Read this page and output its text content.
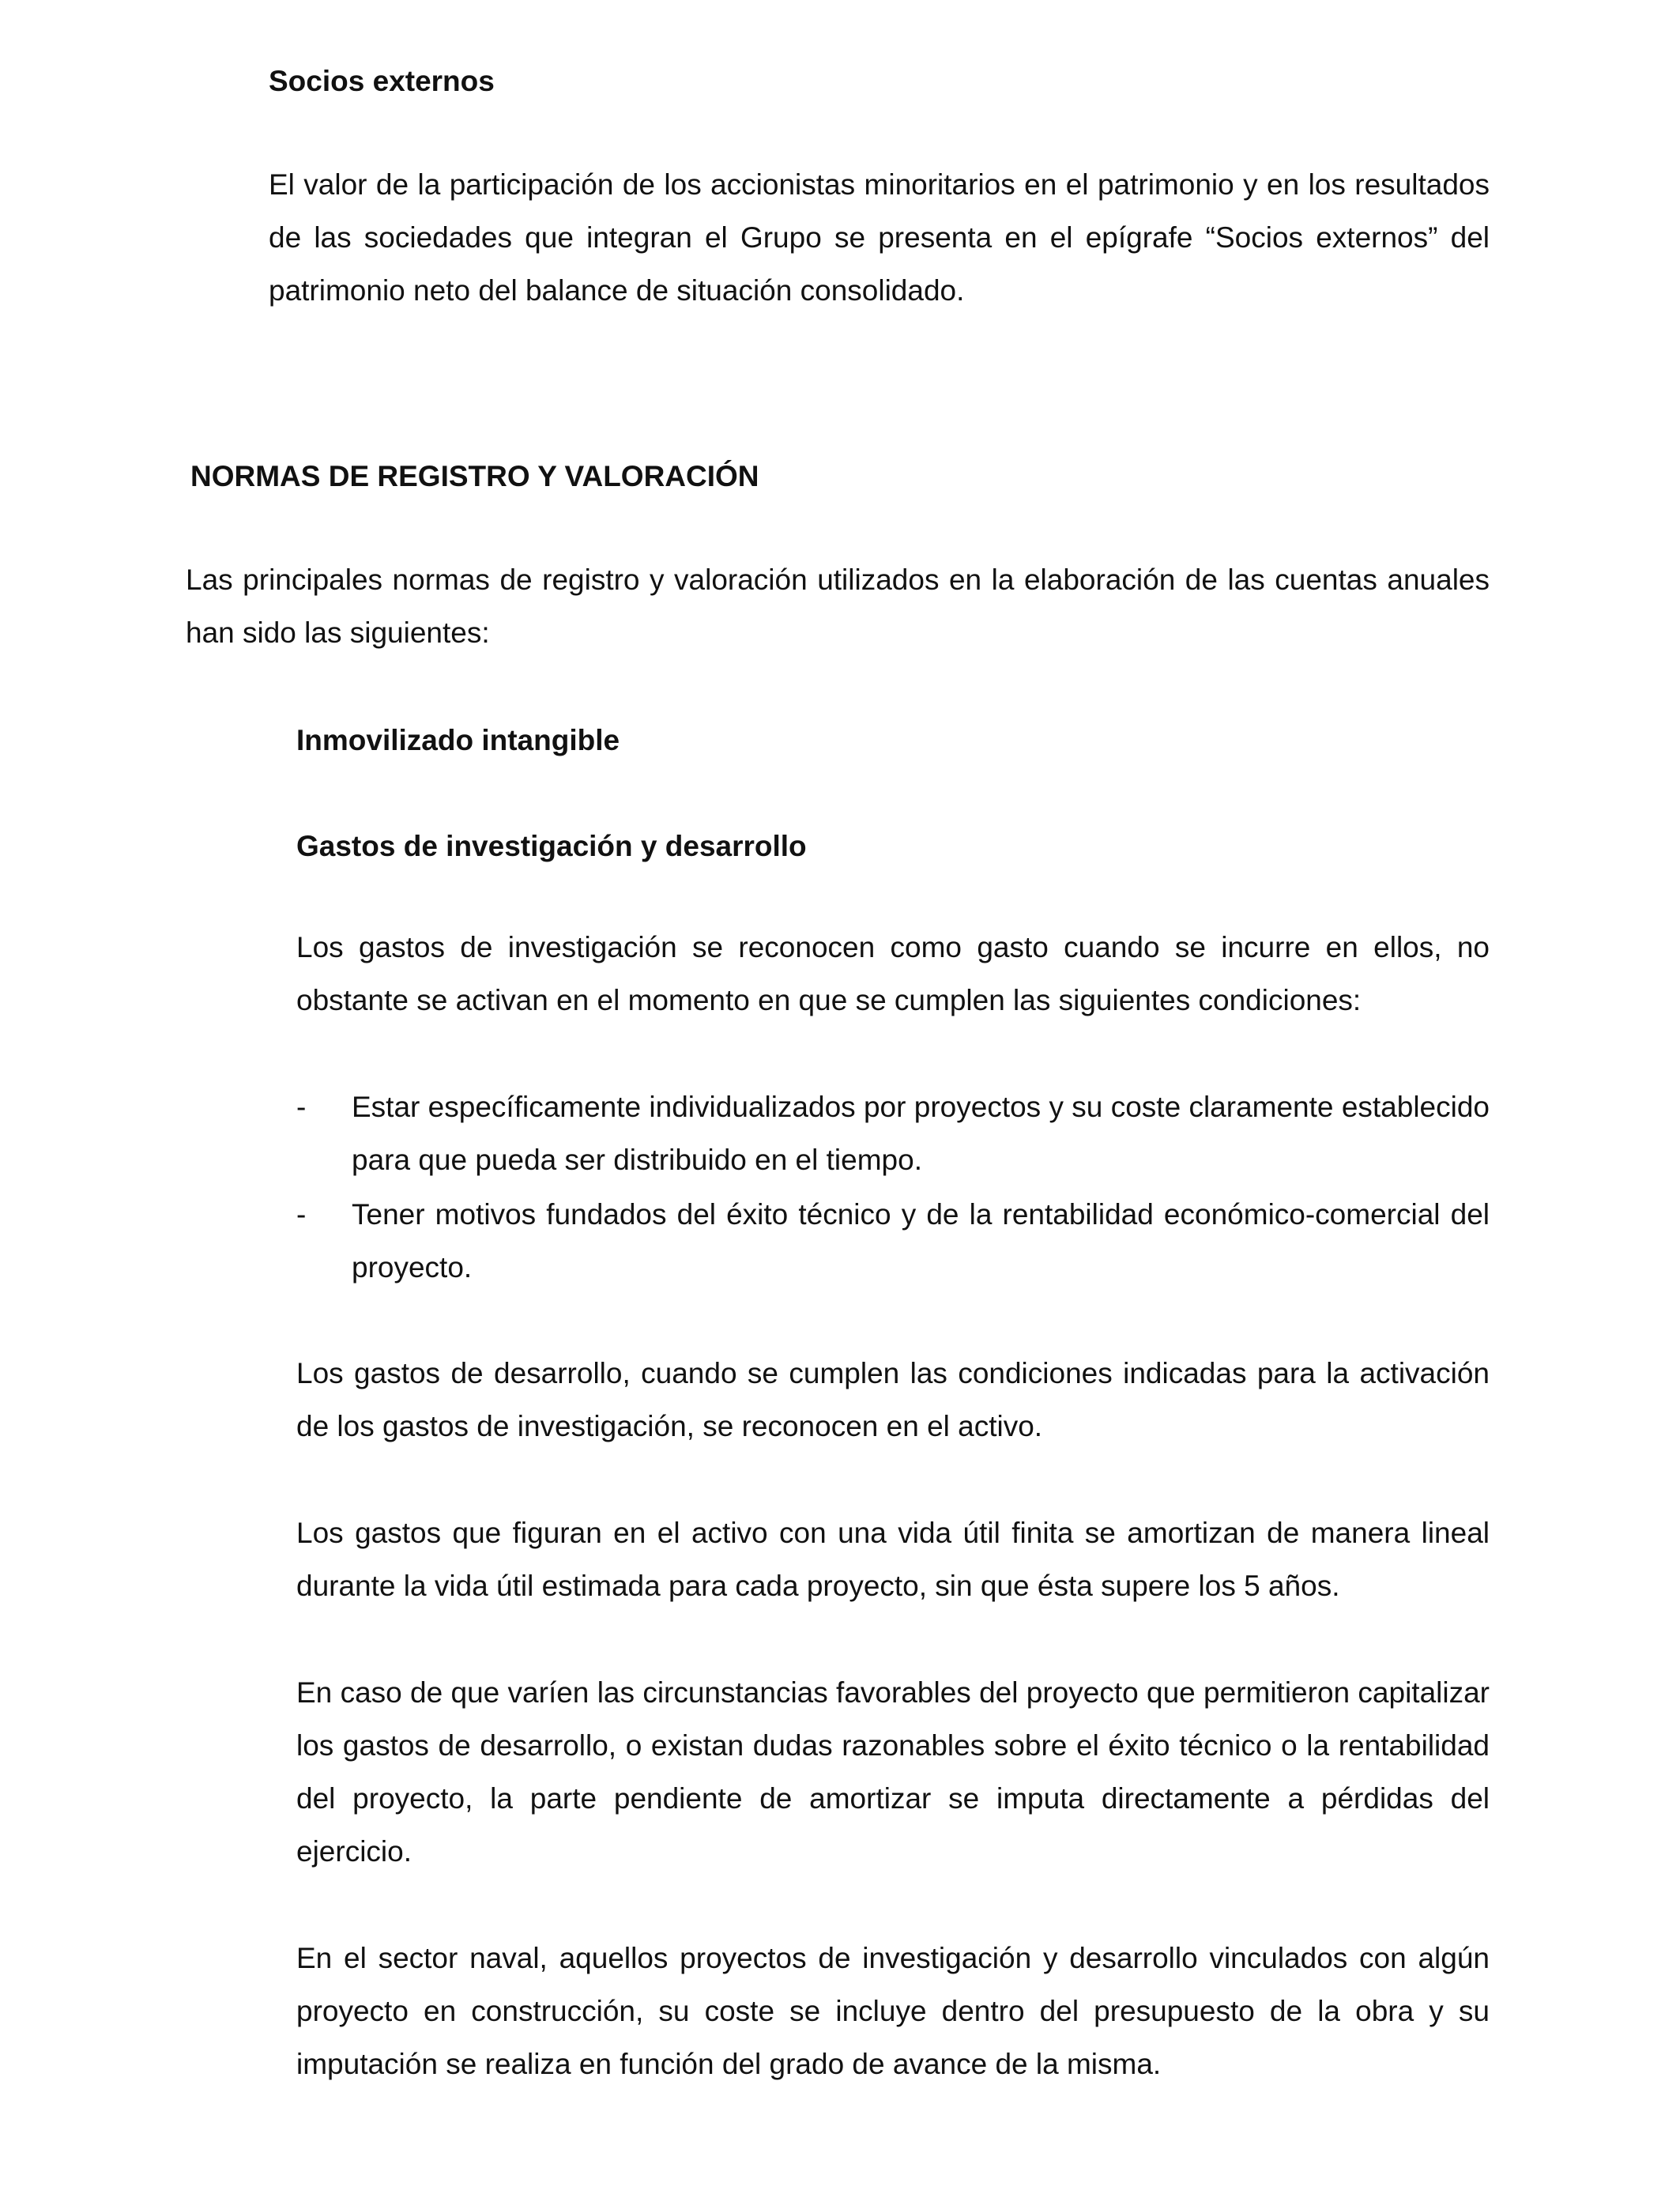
Socios externos
El valor de la participación de los accionistas minoritarios en el patrimonio y en los resultados de las sociedades que integran el Grupo se presenta en el epígrafe “Socios externos” del patrimonio neto del balance de situación consolidado.
NORMAS DE REGISTRO Y VALORACIÓN
Las principales normas de registro y valoración utilizados en la elaboración de las cuentas anuales han sido las siguientes:
Inmovilizado intangible
Gastos de investigación y desarrollo
Los gastos de investigación se reconocen como gasto cuando se incurre en ellos, no obstante se activan en el momento en que se cumplen las siguientes condiciones:
- Estar específicamente individualizados por proyectos y su coste claramente establecido para que pueda ser distribuido en el tiempo.
- Tener motivos fundados del éxito técnico y de la rentabilidad económico-comercial del proyecto.
Los gastos de desarrollo, cuando se cumplen las condiciones indicadas para la activación de los gastos de investigación, se reconocen en el activo.
Los gastos que figuran en el activo con una vida útil finita se amortizan de manera lineal durante la vida útil estimada para cada proyecto, sin que ésta supere los 5 años.
En caso de que varíen las circunstancias favorables del proyecto que permitieron capitalizar los gastos de desarrollo, o existan dudas razonables sobre el éxito técnico o la rentabilidad del proyecto, la parte pendiente de amortizar se imputa directamente a pérdidas del ejercicio.
En el sector naval, aquellos proyectos de investigación y desarrollo vinculados con algún proyecto en construcción, su coste se incluye dentro del presupuesto de la obra y su imputación se realiza en función del grado de avance de la misma.
